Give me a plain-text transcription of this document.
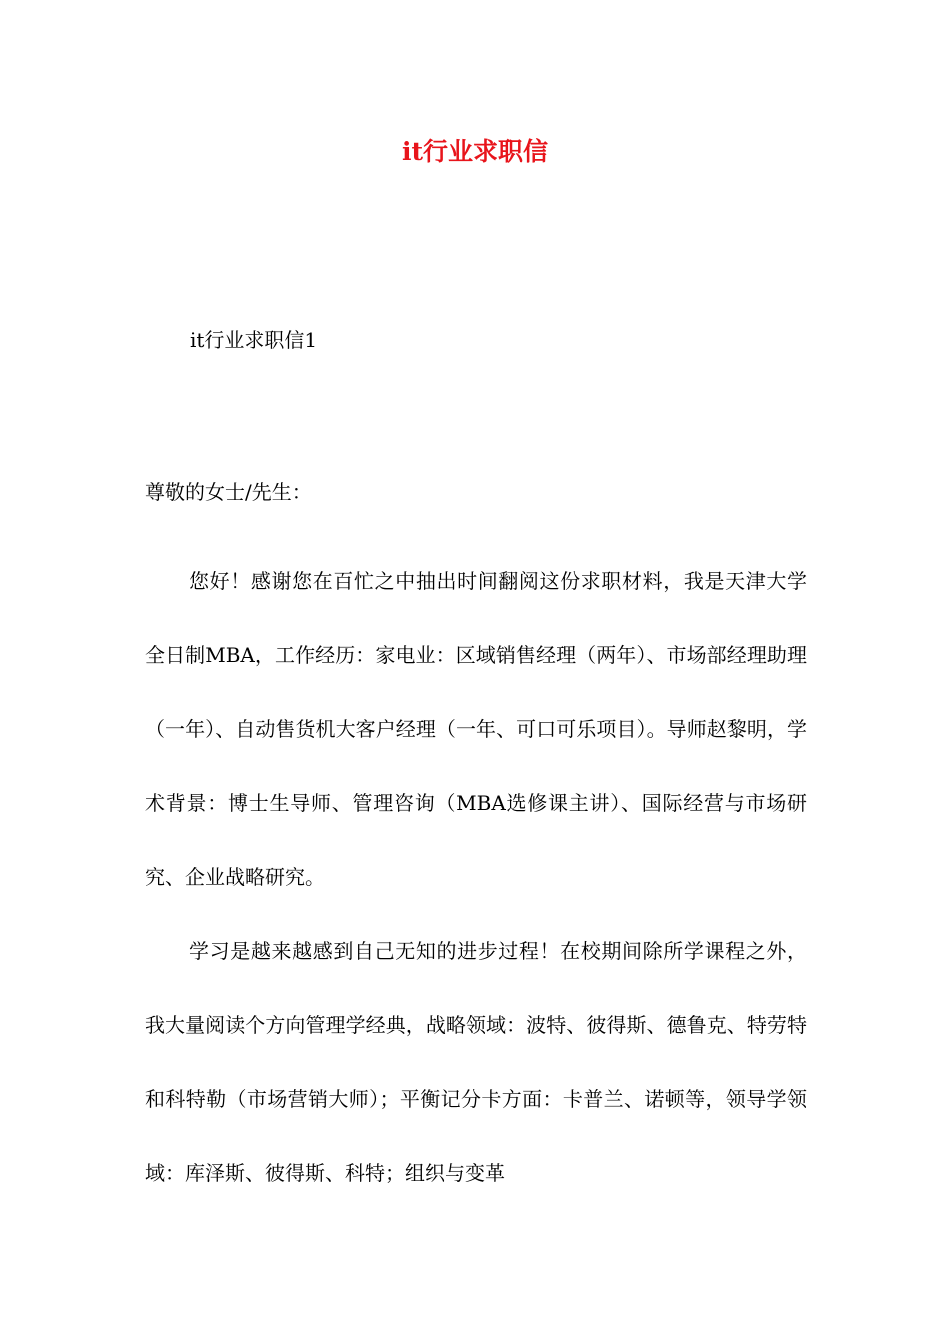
it行业求职信
it行业求职信1
尊敬的女士/先生：

您好！感谢您在百忙之中抽出时间翻阅这份求职材料，我是天津大学全日制MBA，工作经历：家电业：区域销售经理（两年）、市场部经理助理（一年）、自动售货机大客户经理（一年、可口可乐项目）。导师赵黎明，学术背景：博士生导师、管理咨询（MBA选修课主讲）、国际经营与市场研究、企业战略研究。

学习是越来越感到自己无知的进步过程！在校期间除所学课程之外，我大量阅读个方向管理学经典，战略领域：波特、彼得斯、德鲁克、特劳特和科特勒（市场营销大师）；平衡记分卡方面：卡普兰、诺顿等，领导学领域：库泽斯、彼得斯、科特；组织与变革
